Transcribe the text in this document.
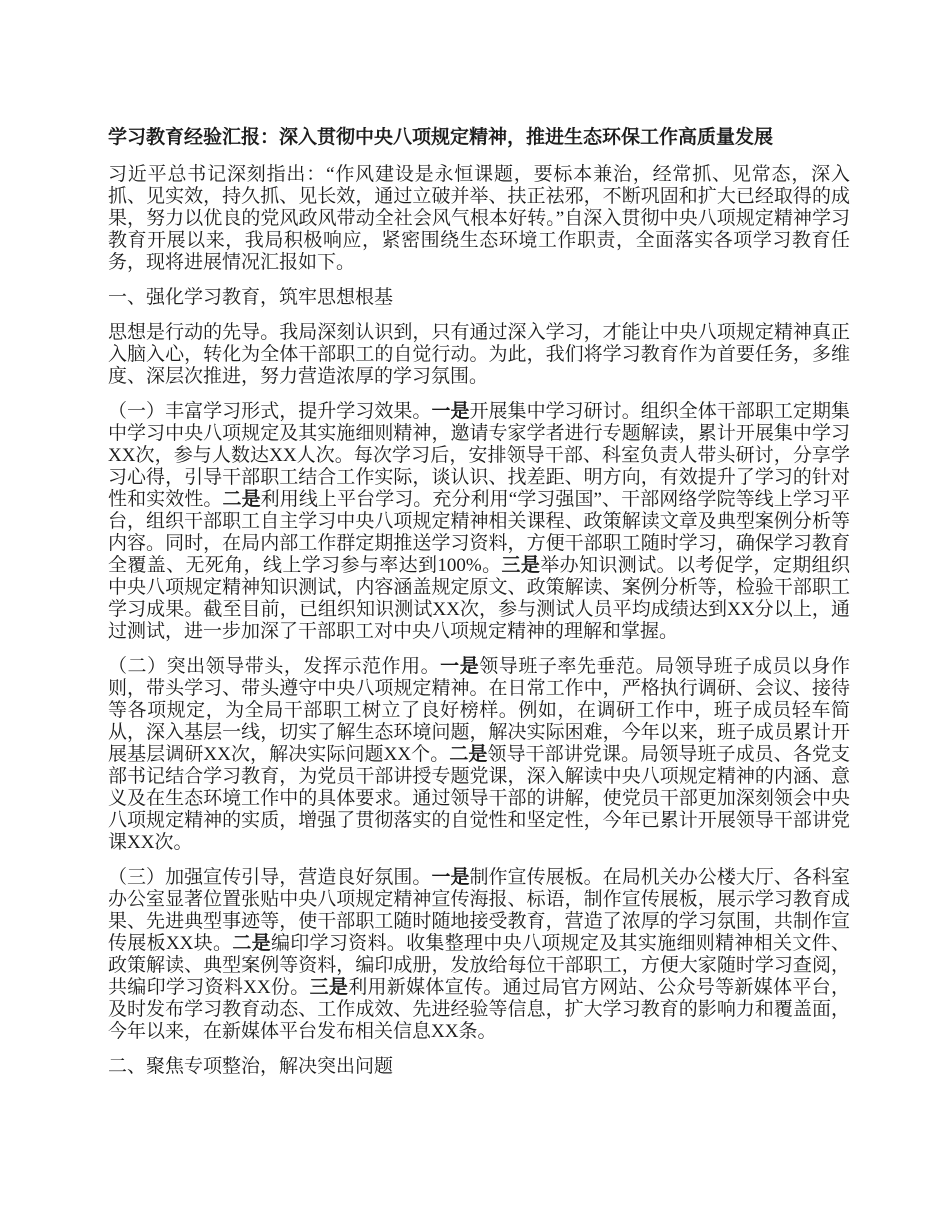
学习教育经验汇报：深入贯彻中央八项规定精神，推进生态环保工作高质量发展

习近平总书记深刻指出：“作风建设是永恒课题，要标本兼治，经常抓、见常态，深入抓、见实效，持久抓、见长效，通过立破并举、扶正祛邪，不断巩固和扩大已经取得的成果，努力以优良的党风政风带动全社会风气根本好转。”自深入贯彻中央八项规定精神学习教育开展以来，我局积极响应，紧密围绕生态环境工作职责，全面落实各项学习教育任务，现将进展情况汇报如下。

一、强化学习教育，筑牢思想根基

思想是行动的先导。我局深刻认识到，只有通过深入学习，才能让中央八项规定精神真正入脑入心，转化为全体干部职工的自觉行动。为此，我们将学习教育作为首要任务，多维度、深层次推进，努力营造浓厚的学习氛围。

（一）丰富学习形式，提升学习效果。一是开展集中学习研讨。组织全体干部职工定期集中学习中央八项规定及其实施细则精神，邀请专家学者进行专题解读，累计开展集中学习XX次，参与人数达XX人次。每次学习后，安排领导干部、科室负责人带头研讨，分享学习心得，引导干部职工结合工作实际，谈认识、找差距、明方向，有效提升了学习的针对性和实效性。二是利用线上平台学习。充分利用“学习强国”、干部网络学院等线上学习平台，组织干部职工自主学习中央八项规定精神相关课程、政策解读文章及典型案例分析等内容。同时，在局内部工作群定期推送学习资料，方便干部职工随时学习，确保学习教育全覆盖、无死角，线上学习参与率达到100%。三是举办知识测试。以考促学，定期组织中央八项规定精神知识测试，内容涵盖规定原文、政策解读、案例分析等，检验干部职工学习成果。截至目前，已组织知识测试XX次，参与测试人员平均成绩达到XX分以上，通过测试，进一步加深了干部职工对中央八项规定精神的理解和掌握。

（二）突出领导带头，发挥示范作用。一是领导班子率先垂范。局领导班子成员以身作则，带头学习、带头遵守中央八项规定精神。在日常工作中，严格执行调研、会议、接待等各项规定，为全局干部职工树立了良好榜样。例如，在调研工作中，班子成员轻车简从，深入基层一线，切实了解生态环境问题，解决实际困难，今年以来，班子成员累计开展基层调研XX次，解决实际问题XX个。二是领导干部讲党课。局领导班子成员、各党支部书记结合学习教育，为党员干部讲授专题党课，深入解读中央八项规定精神的内涵、意义及在生态环境工作中的具体要求。通过领导干部的讲解，使党员干部更加深刻领会中央八项规定精神的实质，增强了贯彻落实的自觉性和坚定性，今年已累计开展领导干部讲党课XX次。

（三）加强宣传引导，营造良好氛围。一是制作宣传展板。在局机关办公楼大厅、各科室办公室显著位置张贴中央八项规定精神宣传海报、标语，制作宣传展板，展示学习教育成果、先进典型事迹等，使干部职工随时随地接受教育，营造了浓厚的学习氛围，共制作宣传展板XX块。二是编印学习资料。收集整理中央八项规定及其实施细则精神相关文件、政策解读、典型案例等资料，编印成册，发放给每位干部职工，方便大家随时学习查阅，共编印学习资料XX份。三是利用新媒体宣传。通过局官方网站、公众号等新媒体平台，及时发布学习教育动态、工作成效、先进经验等信息，扩大学习教育的影响力和覆盖面，今年以来，在新媒体平台发布相关信息XX条。

二、聚焦专项整治，解决突出问题
